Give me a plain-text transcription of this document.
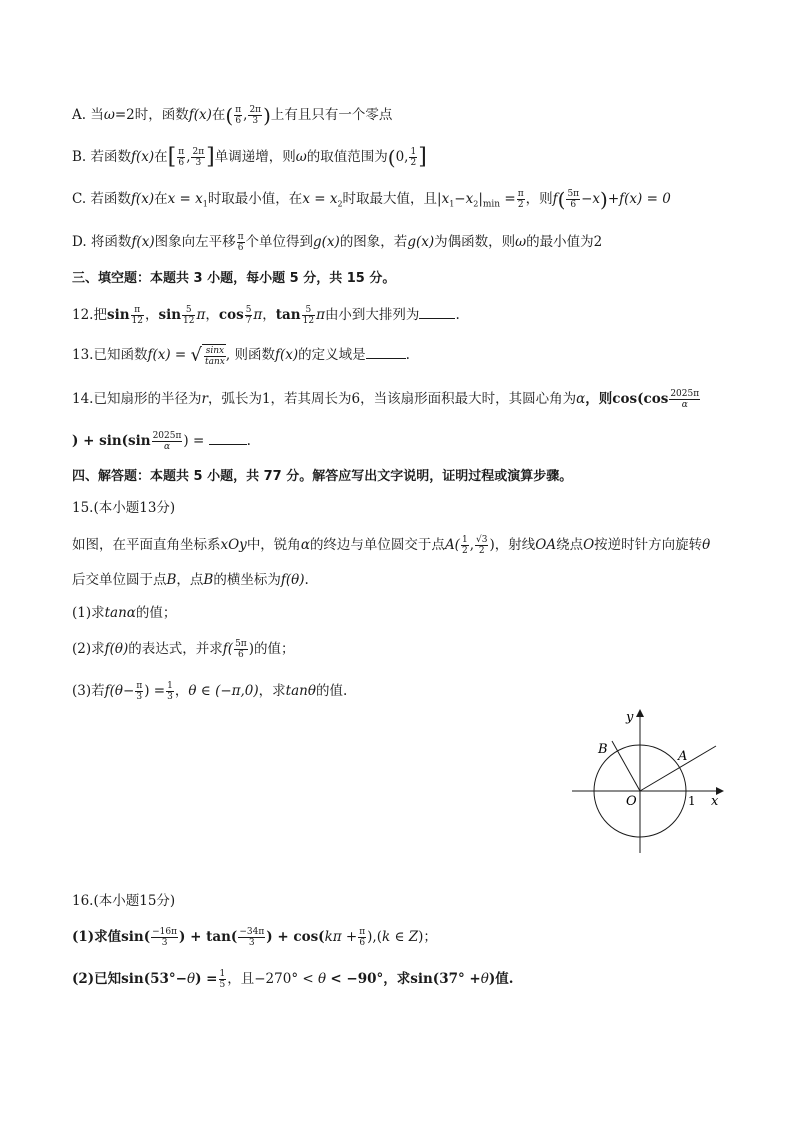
A. 当ω=2时，函数f(x)在( $\frac{\pi}{6}$ , $\frac{2\pi}{3}$ )上有且只有一个零点
B. 若函数f(x)在[ $\frac{\pi}{6}$ , $\frac{2\pi}{3}$ ]单调递增，则ω的取值范围为(0, $\frac{1}{2}$ ]
C. 若函数f(x)在$x = x_1$时取最小值，在$x = x_2$时取最大值，且$|x_1-x_2|_{min} = \frac{\pi}{2}$ ，则$f( \frac{5\pi}{6} -x)+f(x) = 0$
D. 将函数f(x)图象向左平移 $\frac{\pi}{6}$ 个单位得到g(x)的图象，若g(x)为偶函数，则ω的最小值为2
三、填空题：本题共 3 小题，每小题 5 分，共 15 分。
12.把$\sin \frac{\pi}{12}$ ，$\sin \frac{5}{12}$ π，$\cos \frac{5}{7}$ π，$\tan \frac{5}{12}$ π由小到大排列为	.
13.已知函数f(x) = √ $\frac{\sin x}{\tan x}$ , 则函数f(x)的定义域是	.
14.已知扇形的半径为r，弧长为1，若其周长为6，当该扇形面积最大时，其圆心角为α，则$\cos(\cos \frac{2025\pi}{\alpha}$
) + $\sin(\sin \frac{2025\pi}{\alpha}$ ) =	.
四、解答题：本题共 5 小题，共 77 分。解答应写出文字说明，证明过程或演算步骤。
15.(本小题13分)
如图，在平面直角坐标系xOy中，锐角α的终边与单位圆交于点$A( \frac{1}{2}$ , $\frac{√3}{2}$ )，射线OA绕点O按逆时针方向旋转θ
后交单位圆于点B，点B的横坐标为f(θ).
(1)求tanα的值；
(2)求f(θ)的表达式，并求$f( \frac{5\pi}{6}$ )的值；
(3)若$f(\theta- \frac{\pi}{3}$ ) = $\frac{1}{3}$ ，θ ∈ (−π,0)，求tanθ的值.
y
x
O	1
A
B
16.(本小题15分)
(1)求值$\sin( \frac{-16\pi}{3}$ ) + $\tan( \frac{-34\pi}{3}$ ) + $\cos(k\pi + \frac{\pi}{6} ),(k$ ∈ Z)；
(2)已知$\sin(53^\circ-\theta) = \frac{1}{5}$ ，且−270° < θ < −90°，求sin(37° +θ)值.
